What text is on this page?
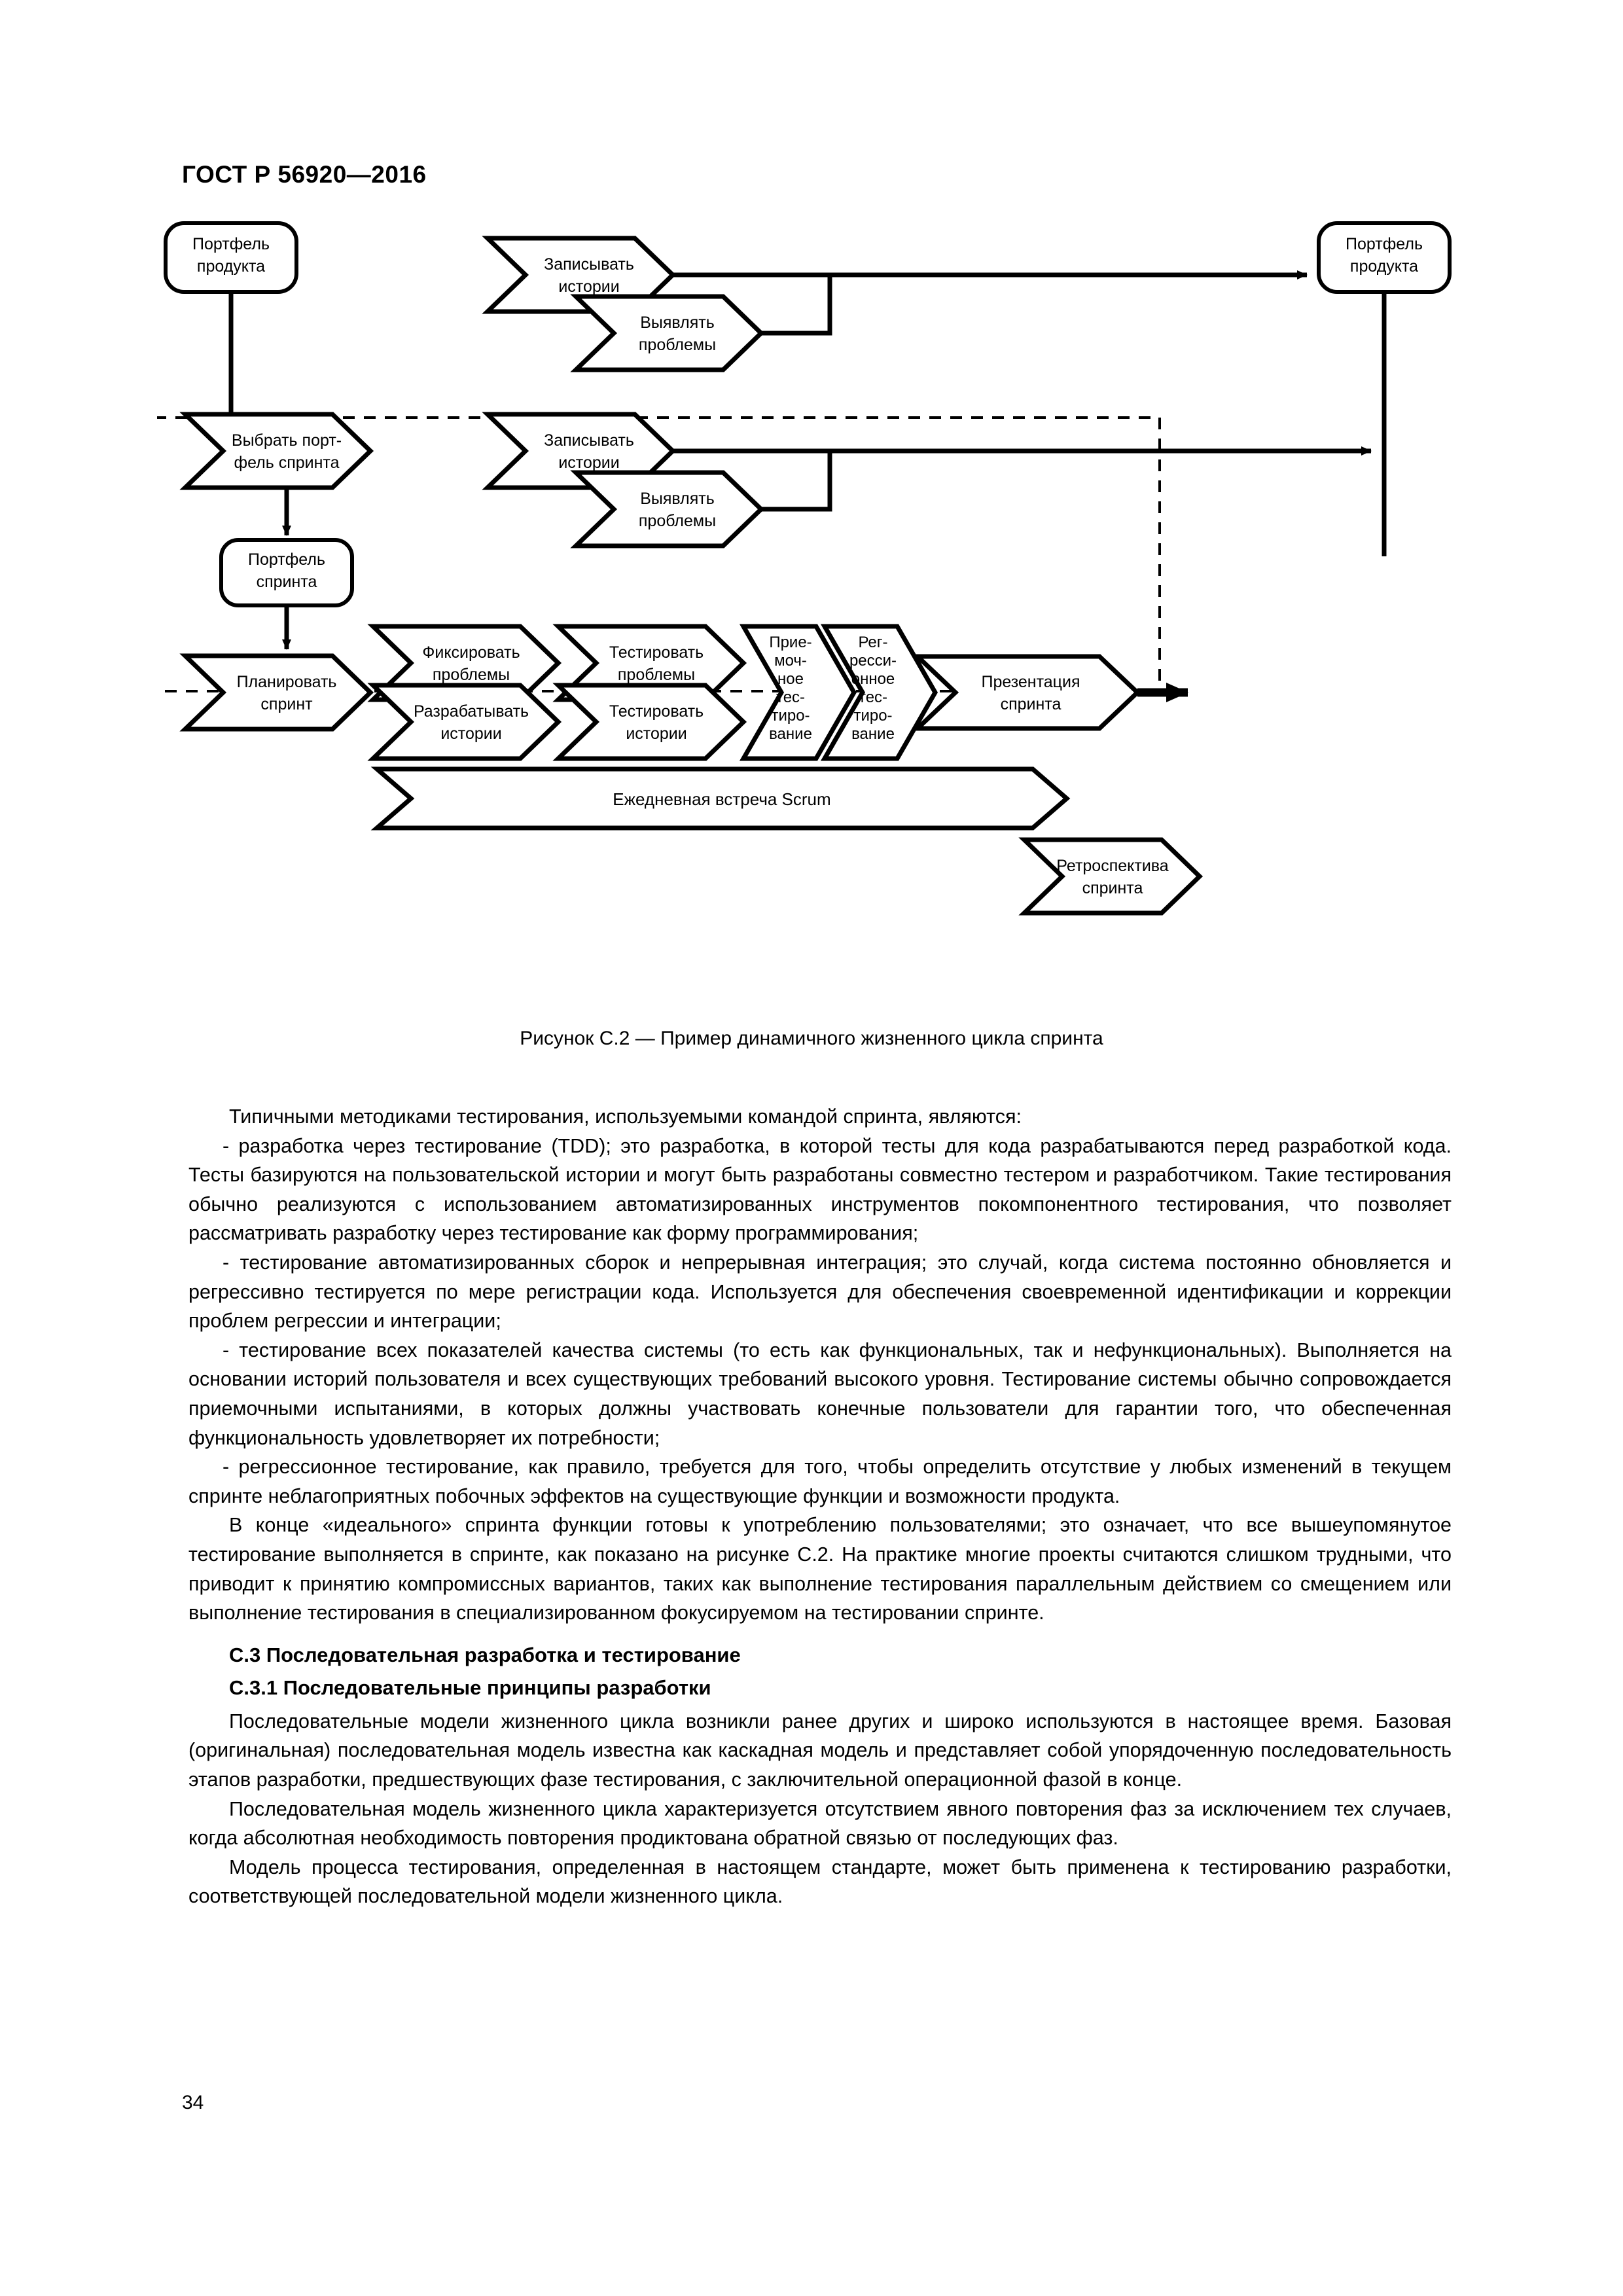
ГОСТ Р 56920—2016
Портфель
продукта	Записывать
истории
Выявлять
проблемы
Портфель
продукта
Выбрать порт-
фель спринта
Записывать
истории
Выявлять
проблемы
Портфель
спринта
Планировать
спринт
Фиксировать
проблемы
Тестировать
проблемы
Разрабатывать
истории
Тестировать
истории
Прие-
моч-
ное
тес-
тиро-
вание
Рег-
ресси-
онное
тес-
тиро-
вание
Презентация
спринта
Ежедневная встреча Scrum
Ретроспектива
спринта
Рисунок С.2 — Пример динамичного жизненного цикла спринта

Типичными методиками тестирования, используемыми командой спринта, являются:

- разработка через тестирование (TDD); это разработка, в которой тесты для кода разрабатываются перед разработкой кода. Тесты базируются на пользовательской истории и могут быть разработаны совместно тестером и разработчиком. Такие тестирования обычно реализуются с использованием автоматизированных инструментов покомпонентного тестирования, что позволяет рассматривать разработку через тестирование как форму программирования;

- тестирование автоматизированных сборок и непрерывная интеграция; это случай, когда система постоянно обновляется и регрессивно тестируется по мере регистрации кода. Используется для обеспечения своевременной идентификации и коррекции проблем регрессии и интеграции;

- тестирование всех показателей качества системы (то есть как функциональных, так и нефункциональных). Выполняется на основании историй пользователя и всех существующих требований высокого уровня. Тестирование системы обычно сопровождается приемочными испытаниями, в которых должны участвовать конечные пользователи для гарантии того, что обеспеченная функциональность удовлетворяет их потребности;

- регрессионное тестирование, как правило, требуется для того, чтобы определить отсутствие у любых изменений в текущем спринте неблагоприятных побочных эффектов на существующие функции и возможности продукта.

В конце «идеального» спринта функции готовы к употреблению пользователями; это означает, что все вышеупомянутое тестирование выполняется в спринте, как показано на рисунке С.2. На практике многие проекты считаются слишком трудными, что приводит к принятию компромиссных вариантов, таких как выполнение тестирования параллельным действием со смещением или выполнение тестирования в специализированном фокусируемом на тестировании спринте.

С.3 Последовательная разработка и тестирование

С.3.1 Последовательные принципы разработки

Последовательные модели жизненного цикла возникли ранее других и широко используются в настоящее время. Базовая (оригинальная) последовательная модель известна как каскадная модель и представляет собой упорядоченную последовательность этапов разработки, предшествующих фазе тестирования, с заключительной операционной фазой в конце.

Последовательная модель жизненного цикла характеризуется отсутствием явного повторения фаз за исключением тех случаев, когда абсолютная необходимость повторения продиктована обратной связью от последующих фаз.

Модель процесса тестирования, определенная в настоящем стандарте, может быть применена к тестированию разработки, соответствующей последовательной модели жизненного цикла.

34
